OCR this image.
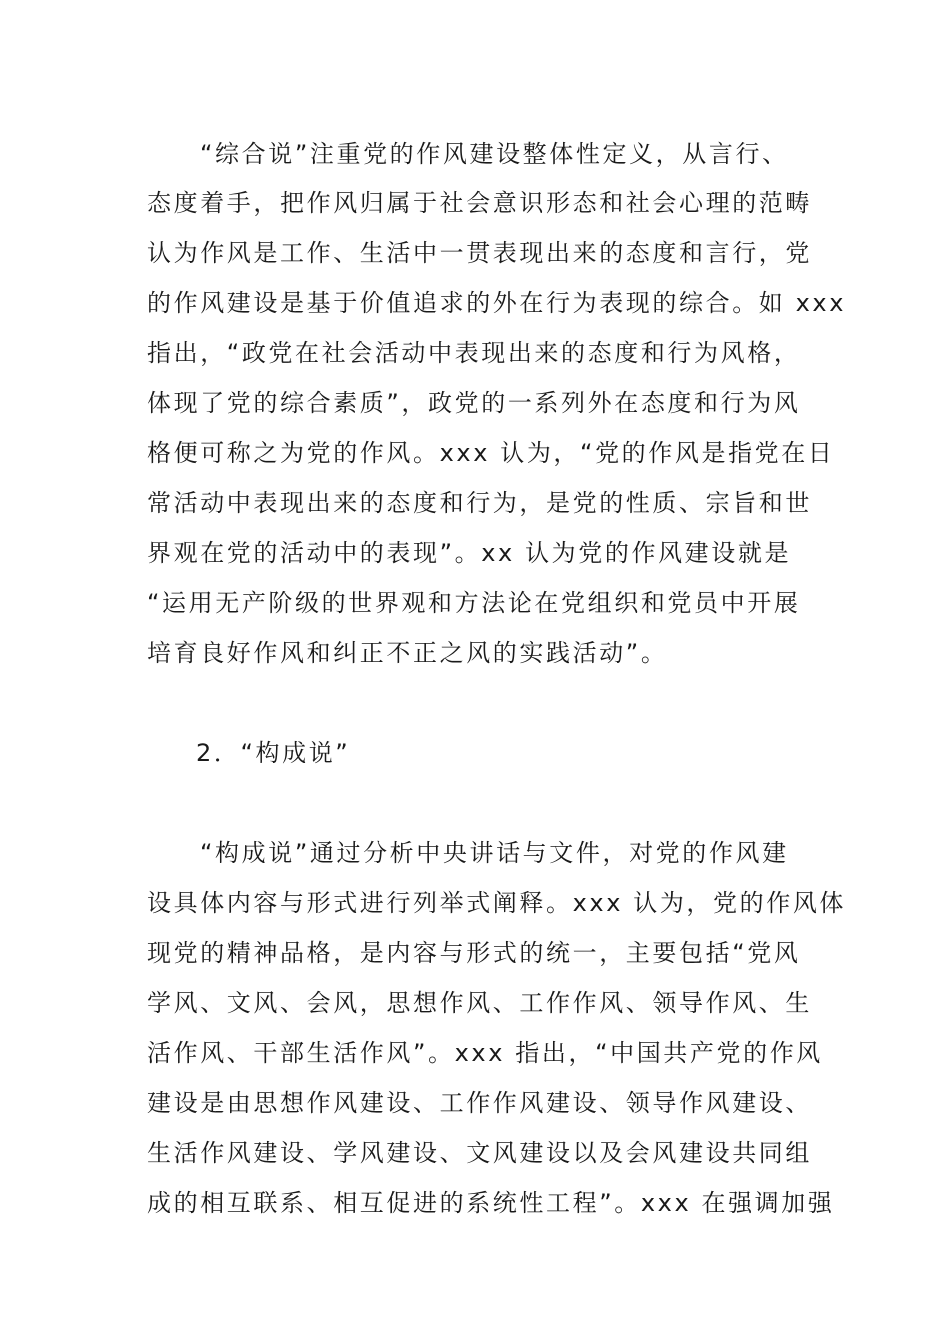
“综合说”注重党的作风建设整体性定义，从言行、
态度着手，把作风归属于社会意识形态和社会心理的范畴
认为作风是工作、生活中一贯表现出来的态度和言行，党
的作风建设是基于价值追求的外在行为表现的综合。如 xxx
指出，“政党在社会活动中表现出来的态度和行为风格，
体现了党的综合素质”，政党的一系列外在态度和行为风
格便可称之为党的作风。xxx 认为，“党的作风是指党在日
常活动中表现出来的态度和行为，是党的性质、宗旨和世
界观在党的活动中的表现”。xx 认为党的作风建设就是
“运用无产阶级的世界观和方法论在党组织和党员中开展
培育良好作风和纠正不正之风的实践活动”。
2．“构成说”
“构成说”通过分析中央讲话与文件，对党的作风建
设具体内容与形式进行列举式阐释。xxx 认为，党的作风体
现党的精神品格，是内容与形式的统一，主要包括“党风
学风、文风、会风，思想作风、工作作风、领导作风、生
活作风、干部生活作风”。xxx 指出，“中国共产党的作风
建设是由思想作风建设、工作作风建设、领导作风建设、
生活作风建设、学风建设、文风建设以及会风建设共同组
成的相互联系、相互促进的系统性工程”。xxx 在强调加强
